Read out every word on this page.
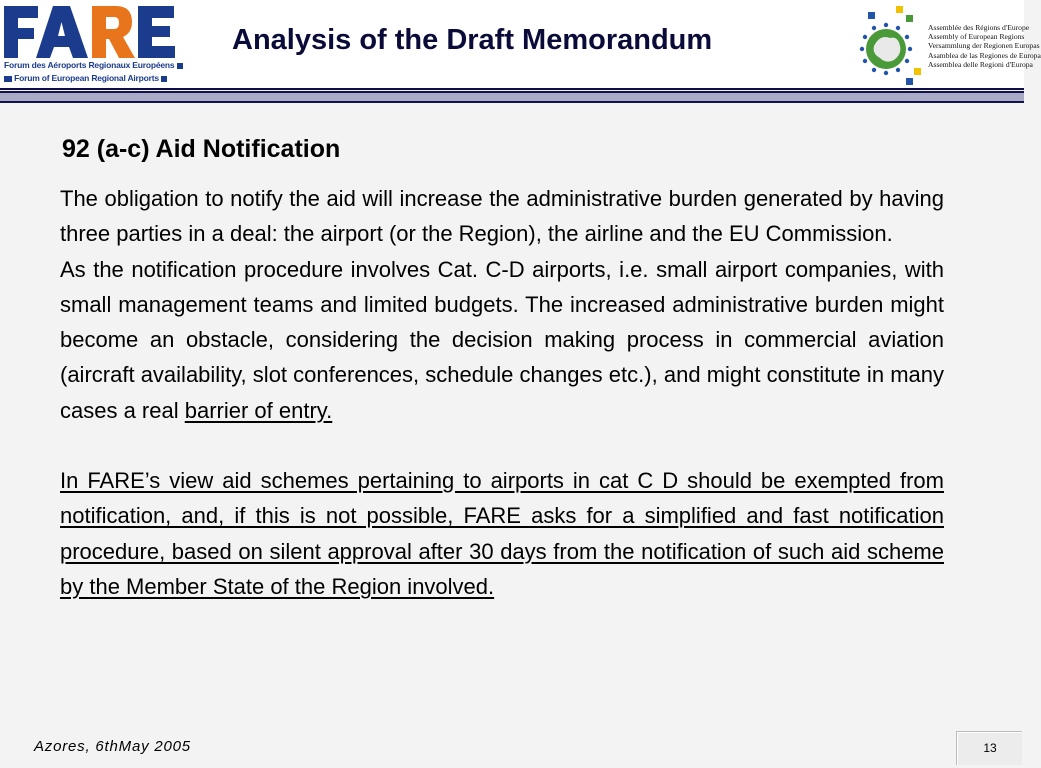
Forum des Aéroports Regionaux Européens
Forum of European Regional Airports
Analysis of the Draft Memorandum	Assemblée des Régions d'Europe
Assembly of European Regions
Versammlung der Regionen Europas
Asamblea de las Regiones de Europa
Assemblea delle Regioni d'Europa
92 (a-c) Aid Notification

The obligation to notify the aid will increase the administrative burden generated by having three parties in a deal: the airport (or the Region), the airline and the EU Commission.

As the notification procedure involves Cat. C-D airports, i.e. small airport companies, with small management teams and limited budgets. The increased administrative burden might become an obstacle, considering the decision making process in commercial aviation (aircraft availability, slot conferences, schedule changes etc.), and might constitute in many cases a real barrier of entry.

In FARE’s view aid schemes pertaining to airports in cat C D should be exempted from notification, and, if this is not possible, FARE asks for a simplified and fast notification procedure, based on silent approval after 30 days from the notification of such aid scheme by the Member State of the Region involved.

Azores, 6thMay 2005	13
